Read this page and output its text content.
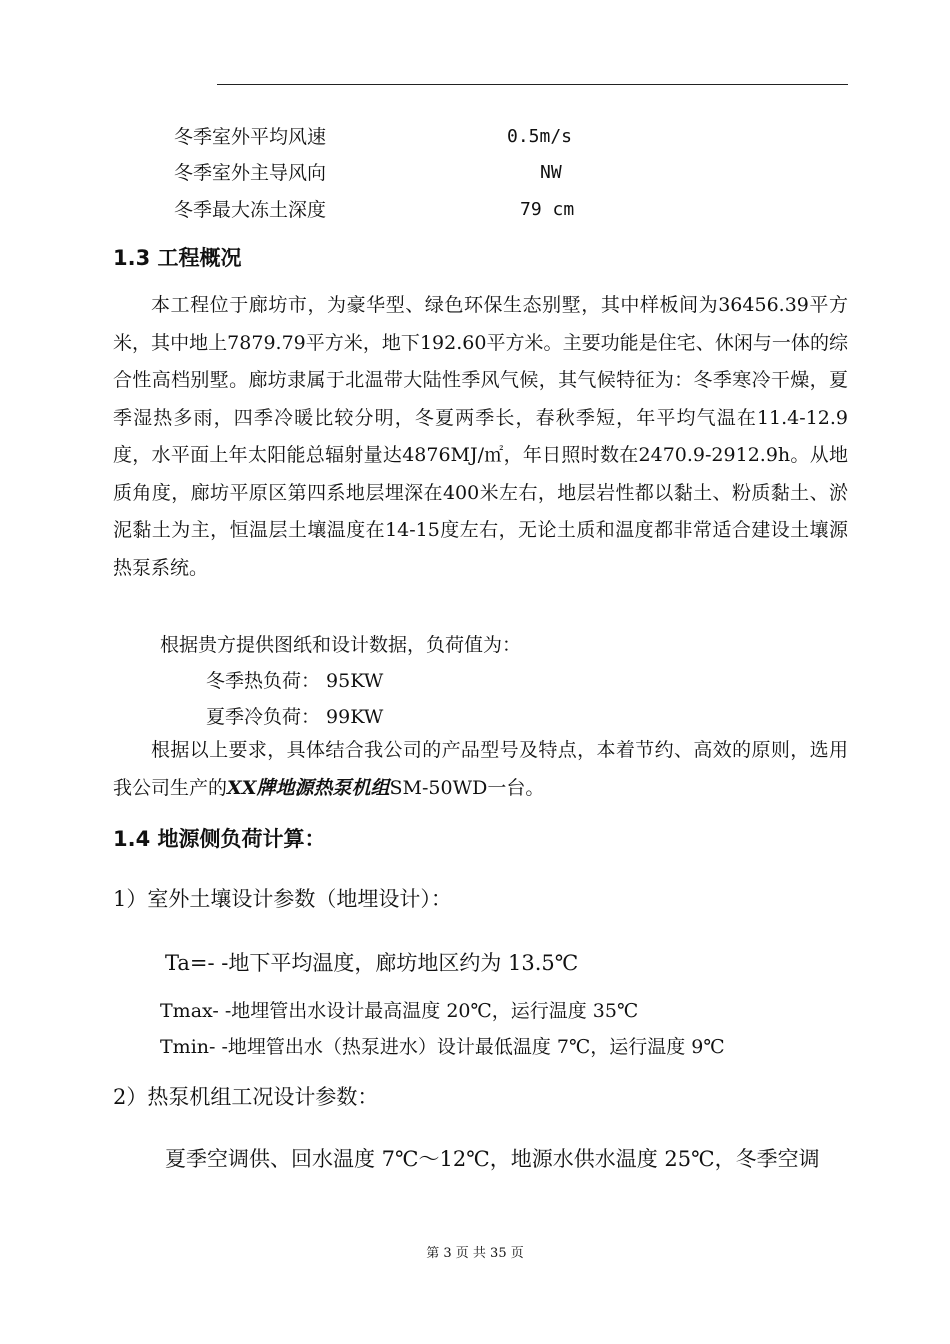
冬季室外平均风速	0.5m/s
冬季室外主导风向	NW
冬季最大冻土深度	79 cm
1.3 工程概况

本工程位于廊坊市，为豪华型、绿色环保生态别墅，其中样板间为36456.39平方米，其中地上7879.79平方米，地下192.60平方米。主要功能是住宅、休闲与一体的综合性高档别墅。廊坊隶属于北温带大陆性季风气候，其气候特征为：冬季寒冷干燥，夏季湿热多雨，四季冷暖比较分明，冬夏两季长，春秋季短，年平均气温在11.4-12.9度，水平面上年太阳能总辐射量达4876MJ/㎡，年日照时数在2470.9-2912.9h。从地质角度，廊坊平原区第四系地层埋深在400米左右，地层岩性都以黏土、粉质黏土、淤泥黏土为主，恒温层土壤温度在14-15度左右，无论土质和温度都非常适合建设土壤源热泵系统。

根据贵方提供图纸和设计数据，负荷值为：
冬季热负荷： 95KW
夏季冷负荷： 99KW

根据以上要求，具体结合我公司的产品型号及特点，本着节约、高效的原则，选用我公司生产的XX牌地源热泵机组SM-50WD一台。

1.4 地源侧负荷计算：
1）室外土壤设计参数（地埋设计）：
Ta=- -地下平均温度，廊坊地区约为 13.5℃
Tmax- -地埋管出水设计最高温度 20℃，运行温度 35℃
Tmin- -地埋管出水（热泵进水）设计最低温度 7℃，运行温度 9℃
2）热泵机组工况设计参数：
夏季空调供、回水温度 7℃～12℃，地源水供水温度 25℃，冬季空调
第 3 页 共 35 页
